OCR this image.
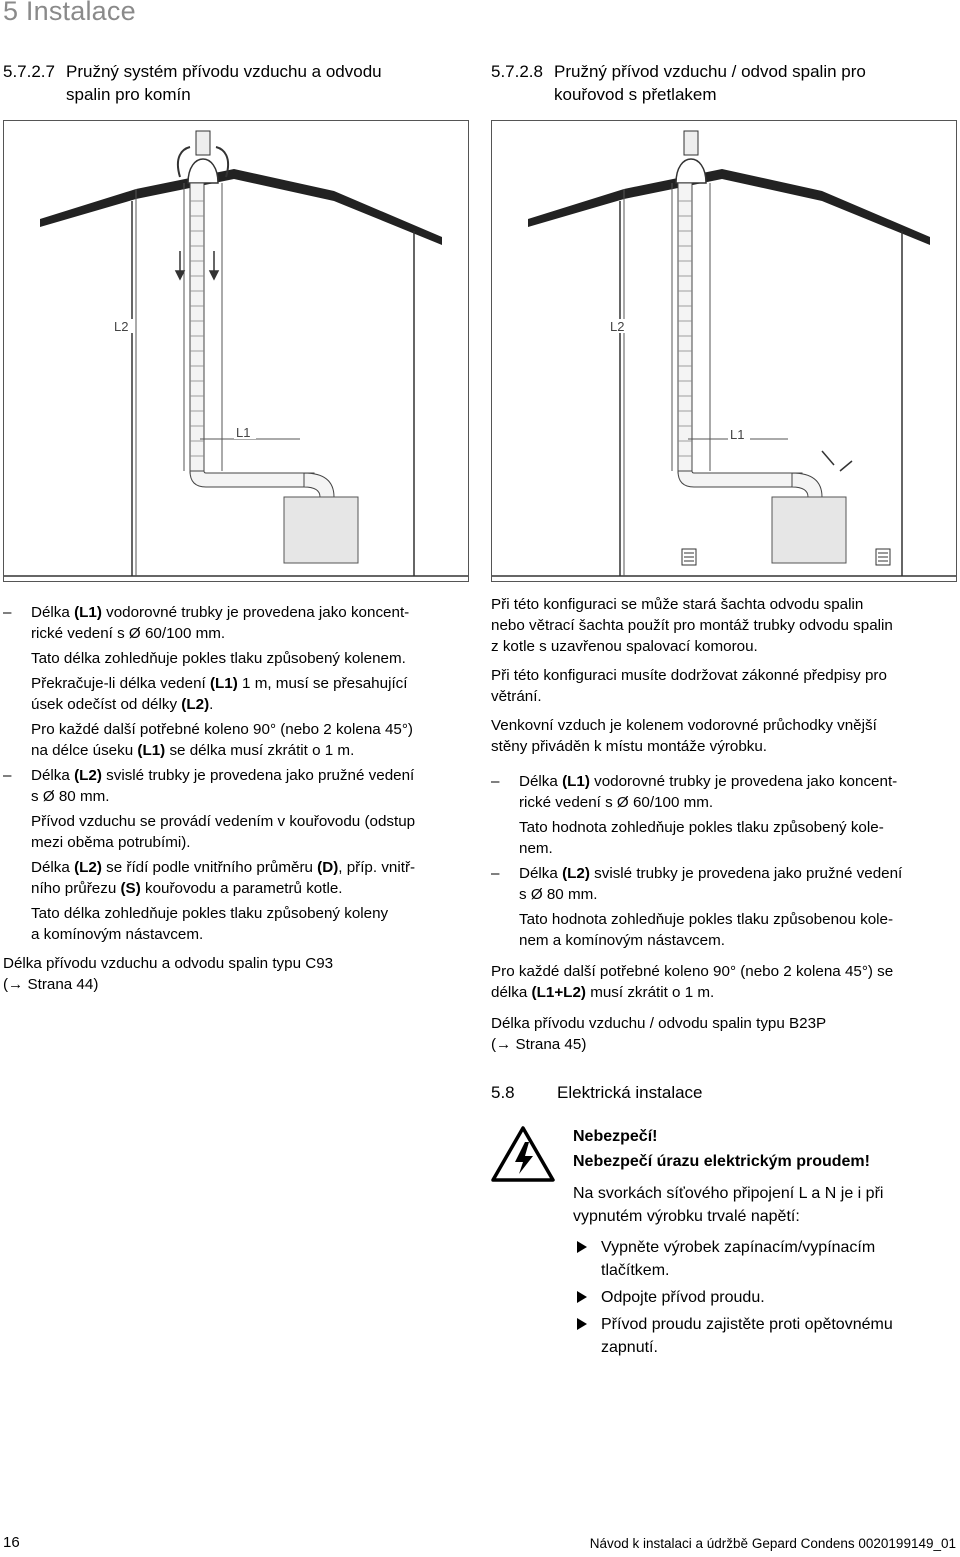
5 Instalace
5.7.2.7 Pružný systém přívodu vzduchu a odvodu
spalin pro komín
5.7.2.8 Pružný přívod vzduchu / odvod spalin pro
kouřovod s přetlakem
L2
L1
L2
L1
– Délka (L1) vodorovné trubky je provedena jako koncent-
rické vedení s Ø 60/100 mm.
Tato délka zohledňuje pokles tlaku způsobený kolenem.
Překračuje-li délka vedení (L1) 1 m, musí se přesahující
úsek odečíst od délky (L2).
Pro každé další potřebné koleno 90° (nebo 2 kolena 45°)
na délce úseku (L1) se délka musí zkrátit o 1 m.
– Délka (L2) svislé trubky je provedena jako pružné vedení
s Ø 80 mm.
Přívod vzduchu se provádí vedením v kouřovodu (odstup
mezi oběma potrubími).
Délka (L2) se řídí podle vnitřního průměru (D), příp. vnitř-
ního průřezu (S) kouřovodu a parametrů kotle.
Tato délka zohledňuje pokles tlaku způsobený koleny
a komínovým nástavcem.
Délka přívodu vzduchu a odvodu spalin typu C93
(→ Strana 44)
Při této konfiguraci se může stará šachta odvodu spalin
nebo větrací šachta použít pro montáž trubky odvodu spalin
z kotle s uzavřenou spalovací komorou.
Při této konfiguraci musíte dodržovat zákonné předpisy pro
větrání.
Venkovní vzduch je kolenem vodorovné průchodky vnější
stěny přiváděn k místu montáže výrobku.
– Délka (L1) vodorovné trubky je provedena jako koncent-
rické vedení s Ø 60/100 mm.
Tato hodnota zohledňuje pokles tlaku způsobený kole-
nem.
– Délka (L2) svislé trubky je provedena jako pružné vedení
s Ø 80 mm.
Tato hodnota zohledňuje pokles tlaku způsobenou kole-
nem a komínovým nástavcem.
Pro každé další potřebné koleno 90° (nebo 2 kolena 45°) se
délka (L1+L2) musí zkrátit o 1 m.
Délka přívodu vzduchu / odvodu spalin typu B23P
(→ Strana 45)
5.8 Elektrická instalace
Nebezpečí!
Nebezpečí úrazu elektrickým proudem!
Na svorkách síťového připojení L a N je i při
vypnutém výrobku trvalé napětí:
Vypněte výrobek zapínacím/vypínacím
tlačítkem.
Odpojte přívod proudu.
Přívod proudu zajistěte proti opětovnému
zapnutí.
16	Návod k instalaci a údržbě Gepard Condens 0020199149_01
